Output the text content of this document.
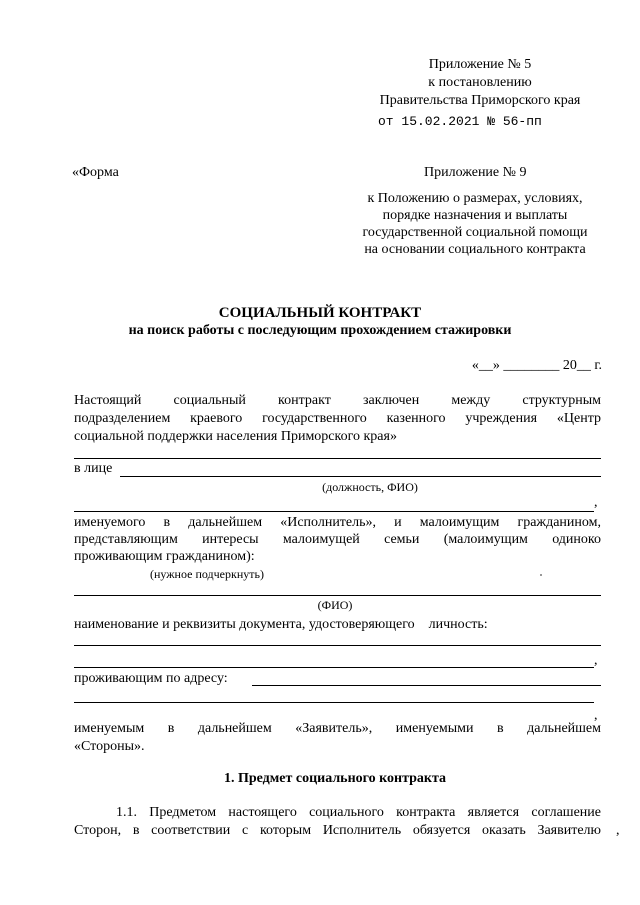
Приложение № 5
к постановлению
Правительства Приморского края
от 15.02.2021 № 56-пп
«Форма	Приложение № 9
к Положению о размерах, условиях,
порядке назначения и выплаты
государственной социальной помощи
на основании социального контракта
СОЦИАЛЬНЫЙ КОНТРАКТ
на поиск работы с последующим прохождением стажировки
«__» ________ 20__ г.
Настоящий социальный контракт заключен между структурным
подразделением краевого государственного казенного учреждения «Центр
социальной поддержки населения Приморского края»
в лице
(должность, ФИО)
,
именуемого в дальнейшем «Исполнитель», и малоимущим гражданином,
представляющим интересы малоимущей семьи (малоимущим одиноко
проживающим гражданином):
(нужное подчеркнуть)
(ФИО)
наименование и реквизиты документа, удостоверяющего    личность:
,
проживающим по адресу:
,
именуемым в дальнейшем «Заявитель», именуемыми в дальнейшем
«Стороны».
1. Предмет социального контракта
1.1. Предметом настоящего социального контракта является соглашение
Сторон, в соответствии с которым Исполнитель обязуется оказать Заявителю ,
